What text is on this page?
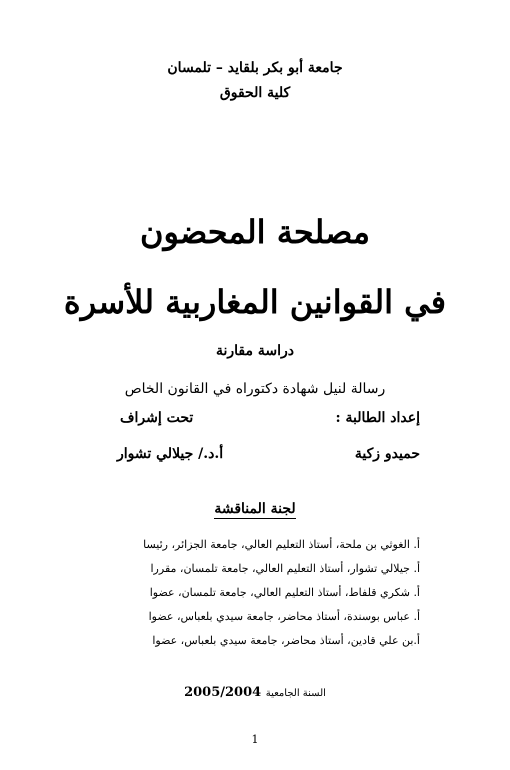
جامعة أبو بكر بلقايد – تلمسان
كلية الحقوق
مصلحة المحضون
في القوانين المغاربية للأسرة
دراسة مقارنة
رسالة لنيل شهادة دكتوراه في القانون الخاص
إعداد الطالبة :
تحت إشراف
حميدو زكية
أ.د./ جيلالي تشوار
لجنة المناقشة
أ. الغوثي بن ملحة، أستاذ التعليم العالي، جامعة الجزائر، رئيسا
أ. جيلالي تشوار، أستاذ التعليم العالي، جامعة تلمسان، مقررا
أ. شكري قلفاط، أستاذ التعليم العالي، جامعة تلمسان، عضوا
أ. عباس بوسندة، أستاذ محاضر، جامعة سيدي بلعباس، عضوا
أ.بن علي قادين، أستاذ محاضر، جامعة سيدي بلعباس، عضوا
السنة الجامعية 2005/2004
1
